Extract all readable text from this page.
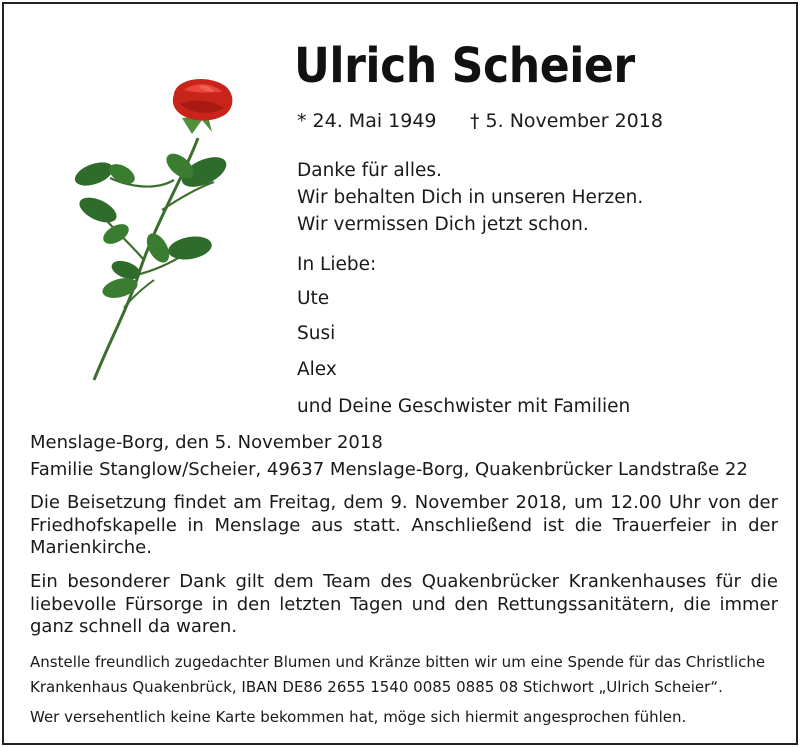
Ulrich Scheier
* 24. Mai 1949 † 5. November 2018
Danke für alles.
Wir behalten Dich in unseren Herzen.
Wir vermissen Dich jetzt schon.
In Liebe:
Ute
Susi
Alex
und Deine Geschwister mit Familien
Menslage-Borg, den 5. November 2018
Familie Stanglow/Scheier, 49637 Menslage-Borg, Quakenbrücker Landstraße 22
Die Beisetzung findet am Freitag, dem 9. November 2018, um 12.00 Uhr von der Friedhofskapelle in Menslage aus statt. Anschließend ist die Trauerfeier in der Marienkirche.
Ein besonderer Dank gilt dem Team des Quakenbrücker Krankenhauses für die liebevolle Fürsorge in den letzten Tagen und den Rettungssanitätern, die immer ganz schnell da waren.
Anstelle freundlich zugedachter Blumen und Kränze bitten wir um eine Spende für das Christliche
Krankenhaus Quakenbrück, IBAN DE86 2655 1540 0085 0885 08 Stichwort „Ulrich Scheier“.
Wer versehentlich keine Karte bekommen hat, möge sich hiermit angesprochen fühlen.
